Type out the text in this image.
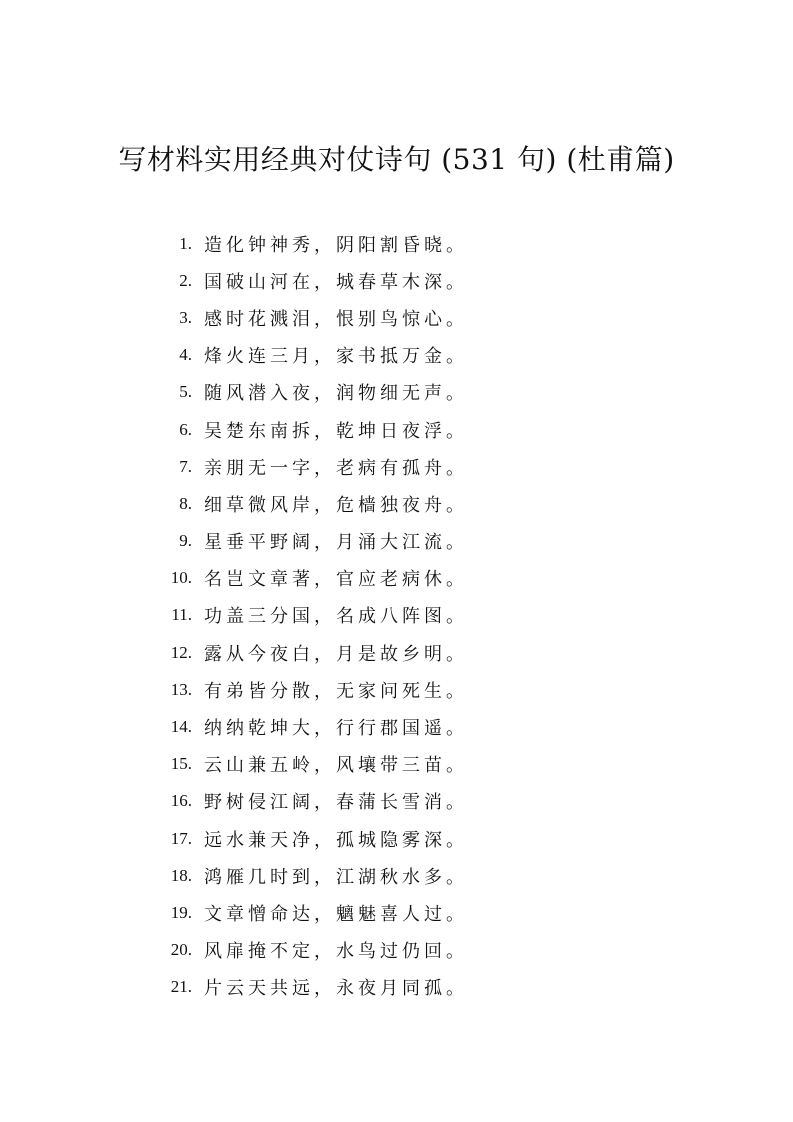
写材料实用经典对仗诗句 (531 句) (杜甫篇)
1. 造化钟神秀，阴阳割昏晓。
2. 国破山河在，城春草木深。
3. 感时花溅泪，恨别鸟惊心。
4. 烽火连三月，家书抵万金。
5. 随风潜入夜，润物细无声。
6. 吴楚东南拆，乾坤日夜浮。
7. 亲朋无一字，老病有孤舟。
8. 细草微风岸，危樯独夜舟。
9. 星垂平野阔，月涌大江流。
10. 名岂文章著，官应老病休。
11. 功盖三分国，名成八阵图。
12. 露从今夜白，月是故乡明。
13. 有弟皆分散，无家问死生。
14. 纳纳乾坤大，行行郡国遥。
15. 云山兼五岭，风壤带三苗。
16. 野树侵江阔，春蒲长雪消。
17. 远水兼天净，孤城隐雾深。
18. 鸿雁几时到，江湖秋水多。
19. 文章憎命达，魑魅喜人过。
20. 风扉掩不定，水鸟过仍回。
21. 片云天共远，永夜月同孤。
